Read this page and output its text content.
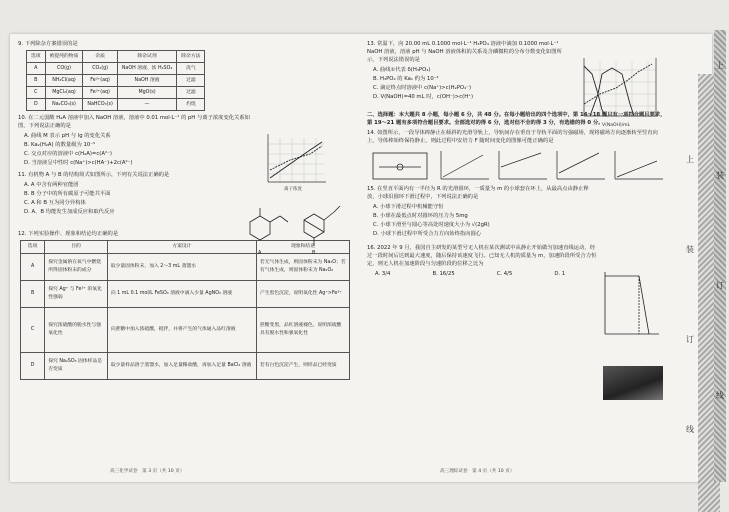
9. 下列除杂方案错误的是
选项	被提纯的物质	杂质	除杂试剂	除杂方法
A	CO(g)	CO₂(g)	NaOH 溶液、浓 H₂SO₄	洗气
B	NH₄Cl(aq)	Fe³⁺(aq)	NaOH 溶液	过滤
C	MgCl₂(aq)	Fe³⁺(aq)	MgO(s)	过滤
D	Na₂CO₃(s)	NaHCO₃(s)	—	灼烧
10. 在二元弱酸 H₂A 溶液中加入 NaOH 溶液，溶液中 0.01 mol·L⁻¹ 的 pH 与离子浓度变化关系如图，下列说法正确的是
A. 曲线 M 表示 pH 与 lg 的变化关系
B. Ka₂(H₂A) 的数量级为 10⁻⁵
C. 交点对应的溶液中 c(H₂A)=c(A²⁻)
D. 当溶液呈中性时 c(Na⁺)>c(HA⁻)+2c(A²⁻)
离子浓度
11. 有机物 A 与 B 的结构简式如图所示，下列有关说法正确的是
A. A 中含有两种官能团
B. B 分子中的所有碳原子可能共平面
C. A 和 B 互为同分异构体
D. A、B 均能发生加成反应和取代反应
A	B
12. 下列实验操作、现象和结论均正确的是
选项	目的	方案设计	现象和结论
A	探究金属钠在氧气中燃烧所得固体粉末的成分	取少量固体粉末，加入 2～3 mL 蒸馏水	若无气体生成，则固体粉末为 Na₂O；若有气体生成，则固体粉末为 Na₂O₂
B	探究 Ag⁺ 与 Fe³⁺ 的氧化性强弱	向 1 mL 0.1 mol/L FeSO₄ 溶液中滴入少量 AgNO₃ 溶液	产生黑色沉淀，说明氧化性 Ag⁺>Fe³⁺
C	探究浓硫酸的脱水性与强氧化性	向蔗糖中加入浓硫酸，搅拌，并将产生的气体通入品红溶液	蔗糖变黑，品红溶液褪色，说明浓硫酸具有脱水性和强氧化性
D	探究 Na₂SO₃ 固体样品是否变质	取少量样品溶于蒸馏水，加入足量稀盐酸，再加入足量 BaCl₂ 溶液	若有白色沉淀产生，则样品已经变质
高三化学试卷　第 3 页（共 10 页）
13. 常温下，向 20.00 mL 0.1000 mol·L⁻¹ H₃PO₄ 溶液中滴加 0.1000 mol·L⁻¹ NaOH 溶液，溶液 pH 与 NaOH 溶液体积的关系及含磷微粒的分布分数变化如图所示，下列说法错误的是
A. 曲线①代表 δ(H₃PO₄)
B. H₃PO₄ 的 Ka₁ 约为 10⁻²
C. 滴定终点时溶液中 c(Na⁺)>c(H₂PO₄⁻)
D. V(NaOH)=40 mL 时，c(OH⁻)>c(H⁺)
V(NaOH)/mL
二、选择题：本大题共 8 小题，每小题 6 分，共 48 分。在每小题给出的四个选项中，第 14～18 题只有一项符合题目要求，第 19～21 题有多项符合题目要求。全部选对的得 6 分，选对但不全的得 3 分，有选错的得 0 分。
14. 如图所示，一段导体棒静止在倾斜的光滑导轨上，导轨间存在垂直于导轨平面的匀强磁场，现将磁场方向逐渐转至竖直向上，导体棒始终保持静止，则此过程中安培力 F 随时间变化的图像可能正确的是
15. 在竖直平面内有一半径为 R 的光滑圆环，一质量为 m 的小球套在环上，从最高点由静止释放，小球沿圆环下滑过程中，下列说法正确的是
A. 小球下滑过程中机械能守恒
B. 小球在最低点时对圆环的压力为 5mg
C. 小球下滑至与圆心等高处时速度大小为 √(2gR)
D. 小球下滑过程中所受合力方向始终指向圆心
16. 2022 年 9 月，我国自主研发的某型号无人机在某次测试中从静止开始做匀加速直线运动，经过一段时间后达到最大速度，随后保持该速度飞行。已知无人机的质量为 m，加速阶段所受合力恒定，则无人机在加速阶段与匀速阶段的位移之比为
A. 3/4	B. 16/25	C. 4/5	D. 1
高三理综试卷　第 4 页（共 10 页）
上
装
订
线
上
装
订
线
